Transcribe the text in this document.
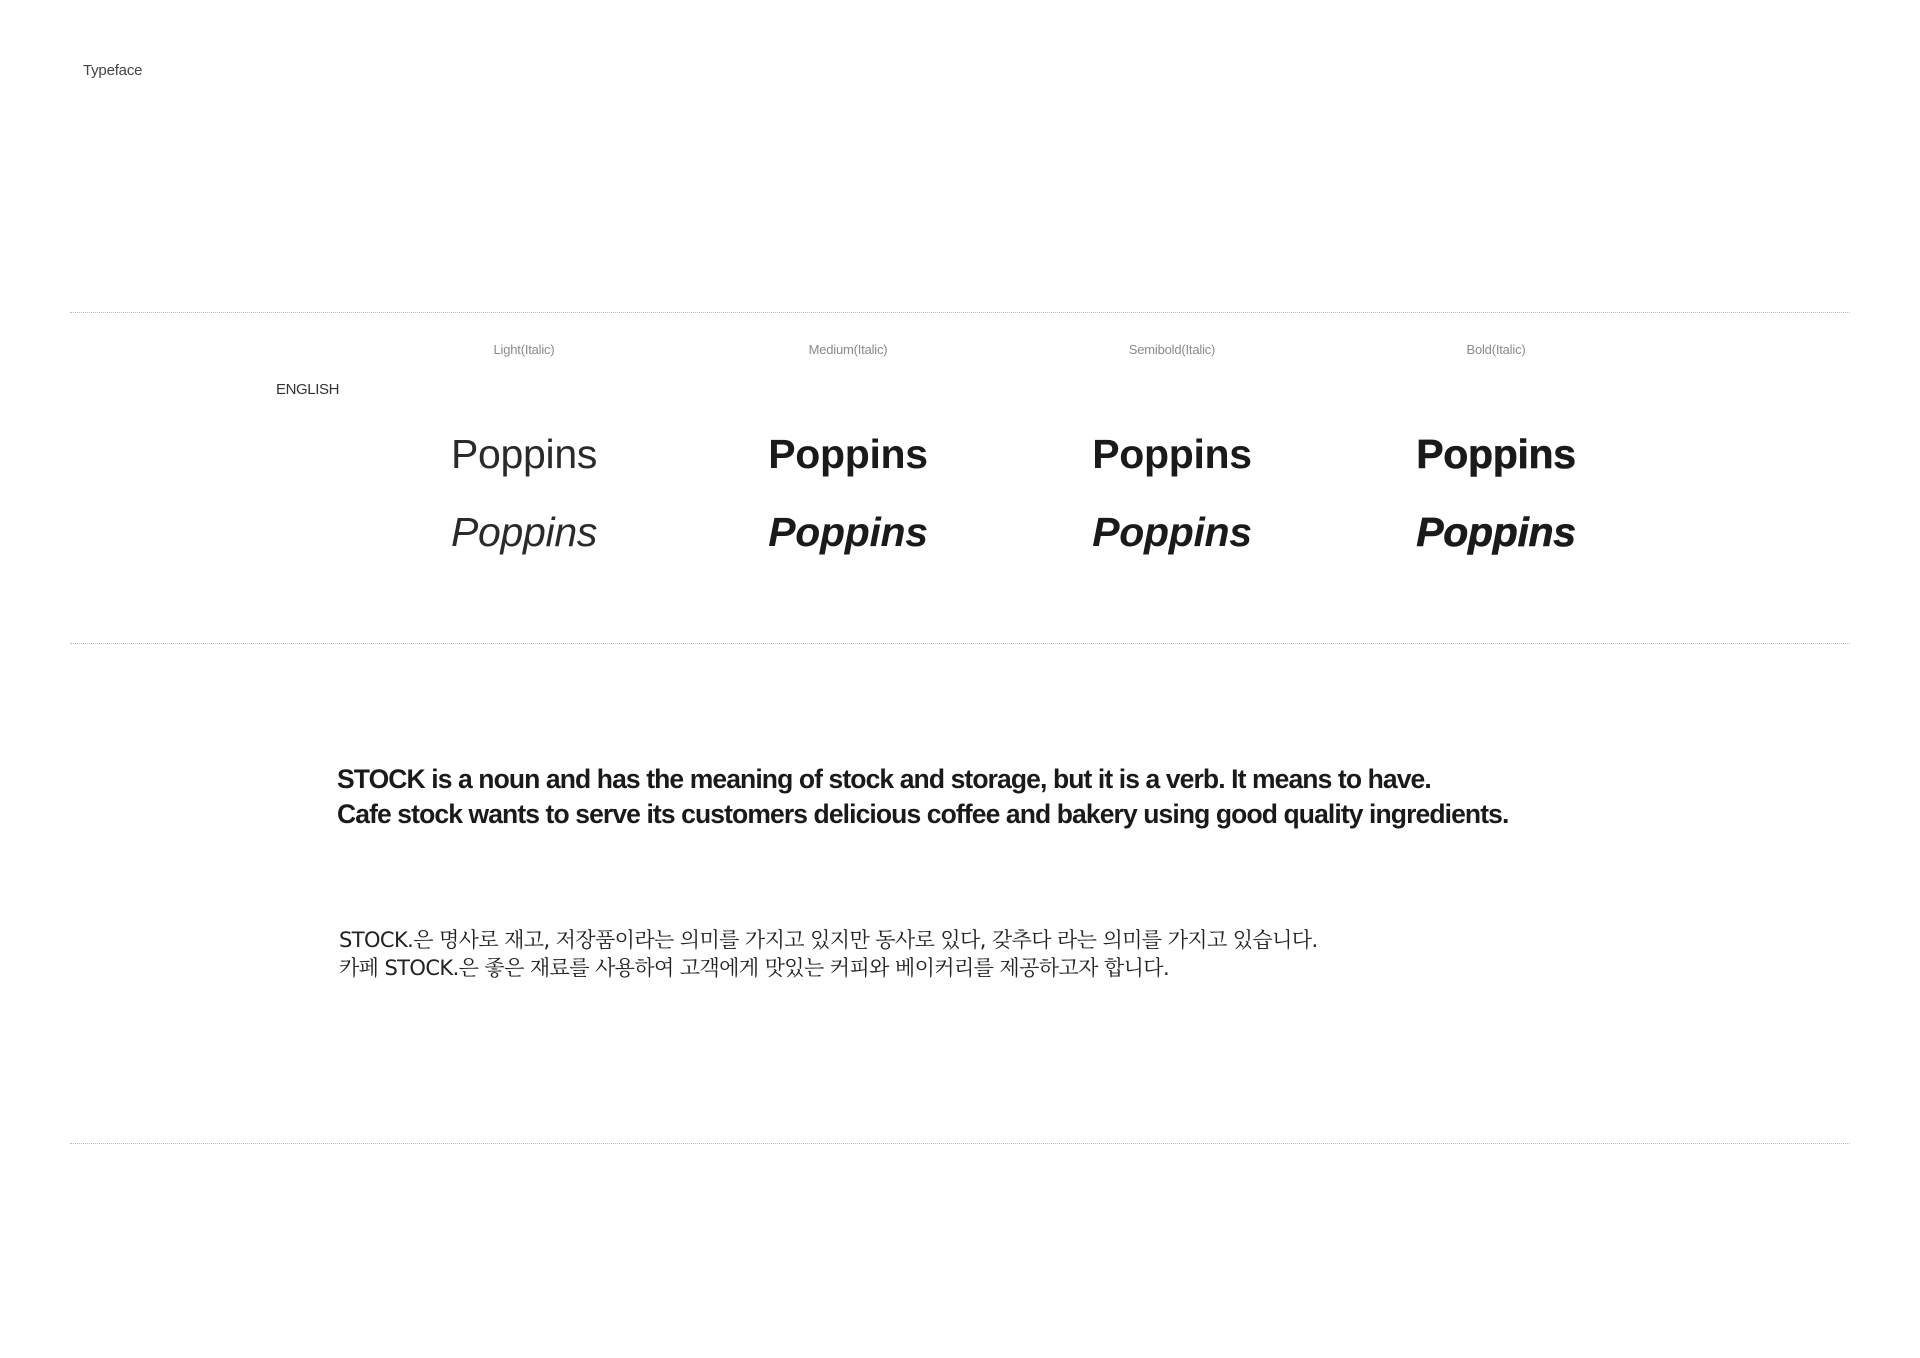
Typeface
ENGLISH
Light(Italic)
Poppins
Poppins
Medium(Italic)
Poppins
Poppins
Semibold(Italic)
Poppins
Poppins
Bold(Italic)
Poppins
Poppins
STOCK is a noun and has the meaning of stock and storage, but it is a verb. It means to have.
Cafe stock wants to serve its customers delicious coffee and bakery using good quality ingredients.
STOCK.은 명사로 재고, 저장품이라는 의미를 가지고 있지만 동사로 있다, 갖추다 라는 의미를 가지고 있습니다.
카페 STOCK.은 좋은 재료를 사용하여 고객에게 맛있는 커피와 베이커리를 제공하고자 합니다.
